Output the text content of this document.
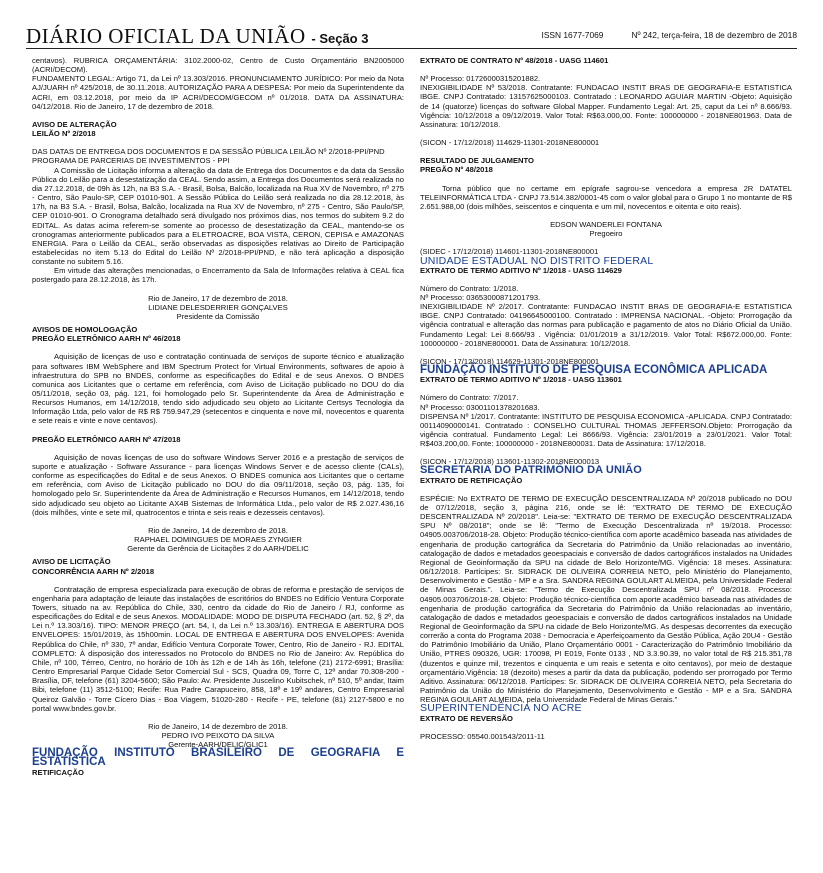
DIÁRIO OFICIAL DA UNIÃO - Seção 3	ISSN 1677-7069	Nº 242, terça-feira, 18 de dezembro de 2018

centavos). RUBRICA ORÇAMENTÁRIA: 3102.2000-02, Centro de Custo Orçamentário BN2005000 (ACRI/DECOM).

FUNDAMENTO LEGAL: Artigo 71, da Lei nº 13.303/2016. PRONUNCIAMENTO JURÍDICO: Por meio da Nota AJ/JUARH nº 425/2018, de 30.11.2018. AUTORIZAÇÃO PARA A DESPESA: Por meio da Superintendente da ACRI, em 03.12.2018, por meio da IP ACRI/DECOM/GECOM nº 01/2018. DATA DA ASSINATURA: 04/12/2018. Rio de Janeiro, 17 de dezembro de 2018.

AVISO DE ALTERAÇÃO

LEILÃO Nº 2/2018

DAS DATAS DE ENTREGA DOS DOCUMENTOS E DA SESSÃO PÚBLICA LEILÃO Nº 2/2018-PPI/PND

PROGRAMA DE PARCERIAS DE INVESTIMENTOS - PPI

A Comissão de Licitação informa a alteração da data de Entrega dos Documentos e da data da Sessão Pública do Leilão para a desestatização da CEAL. Sendo assim, a Entrega dos Documentos será realizada no dia 27.12.2018, de 09h às 12h, na B3 S.A. - Brasil, Bolsa, Balcão, localizada na Rua XV de Novembro, nº 275 - Centro, São Paulo-SP, CEP 01010-901. A Sessão Pública do Leilão será realizada no dia 28.12.2018, às 17h, na B3 S.A. - Brasil, Bolsa, Balcão, localizada na Rua XV de Novembro, nº 275 - Centro, São Paulo/SP, CEP 01010-901. O Cronograma detalhado será divulgado nos próximos dias, nos termos do subitem 9.2 do EDITAL. As datas acima referem-se somente ao processo de desestatização da CEAL, mantendo-se os cronogramas anteriormente publicados para a ELETROACRE, BOA VISTA, CERON, CEPISA e AMAZONAS ENERGIA. Para o Leilão da CEAL, serão observadas as disposições relativas ao Direito de Participação estabelecidas no item 5.13 do Edital do Leilão Nº 2/2018-PPI/PND, e não terá aplicação a disposição constante no subitem 5.16.

Em virtude das alterações mencionadas, o Encerramento da Sala de Informações relativa à CEAL fica postergado para 28.12.2018, às 17h.

Rio de Janeiro, 17 de dezembro de 2018.

LIDIANE DELESDERRIER GONÇALVES

Presidente da Comissão

AVISOS DE HOMOLOGAÇÃO

PREGÃO ELETRÔNICO AARH Nº 46/2018

Aquisição de licenças de uso e contratação continuada de serviços de suporte técnico e atualização para softwares IBM WebSphere and IBM Spectrum Protect for Virtual Environments, softwares de apoio à infraestrutura do SPB no BNDES, conforme as especificações do Edital e de seus Anexos. O BNDES comunica aos Licitantes que o certame em referência, com Aviso de Licitação publicado no DOU do dia 05/11/2018, seção 03, pág. 121, foi homologado pelo Sr. Superintendente da Área de Administração e Recursos Humanos, em 14/12/2018, tendo sido adjudicado seu objeto ao Licitante Certsys Tecnologia da Informação Ltda, pelo valor de R$ R$ 759.947,29 (setecentos e cinquenta e nove mil, novecentos e quarenta e sete reais e vinte e nove centavos).

PREGÃO ELETRÔNICO AARH Nº 47/2018

Aquisição de novas licenças de uso do software Windows Server 2016 e a prestação de serviços de suporte e atualização - Software Assurance - para licenças Windows Server e de acesso cliente (CALs), conforme as especificações do Edital e de seus Anexos. O BNDES comunica aos Licitantes que o certame em referência, com Aviso de Licitação publicado no DOU do dia 09/11/2018, seção 03, pág. 135, foi homologado pelo Sr. Superintendente da Área de Administração e Recursos Humanos, em 14/12/2018, tendo sido adjudicado seu objeto ao Licitante AX4B Sistemas de Informática Ltda., pelo valor de R$ 2.027.436,16 (dois milhões, vinte e sete mil, quatrocentos e trinta e seis reais e dezesseis centavos).

Rio de Janeiro, 14 de dezembro de 2018.

RAPHAEL DOMINGUES DE MORAES ZYNGIER

Gerente da Gerência de Licitações 2 do AARH/DELIC

AVISO DE LICITAÇÃO

CONCORRÊNCIA AARH Nº 2/2018

Contratação de empresa especializada para execução de obras de reforma e prestação de serviços de engenharia para adaptação de leiaute das instalações de escritórios do BNDES no Edifício Ventura Corporate Towers, situado na av. República do Chile, 330, centro da cidade do Rio de Janeiro / RJ, conforme as especificações do Edital e de seus Anexos. MODALIDADE: MODO DE DISPUTA FECHADO (art. 52, § 2º, da Lei n.º 13.303/16). TIPO: MENOR PREÇO (art. 54, I, da Lei n.º 13.303/16). ENTREGA E ABERTURA DOS ENVELOPES: 15/01/2019, às 15h00min. LOCAL DE ENTREGA E ABERTURA DOS ENVELOPES: Avenida República do Chile, nº 330, 7º andar, Edifício Ventura Corporate Tower, Centro, Rio de Janeiro - RJ. EDITAL COMPLETO: À disposição dos interessados no Protocolo do BNDES no Rio de Janeiro: Av. República do Chile, nº 100, Térreo, Centro, no horário de 10h às 12h e de 14h às 16h, telefone (21) 2172-6991; Brasília: Centro Empresarial Parque Cidade Setor Comercial Sul - SCS, Quadra 09, Torre C, 12º andar 70.308-200 - Brasília, DF, telefone (61) 3204-5600; São Paulo: Av. Presidente Juscelino Kubitschek, nº 510, 5º andar, Itaim Bibi, telefone (11) 3512-5100; Recife: Rua Padre Carapuceiro, 858, 18º e 19º andares, Centro Empresarial Queiroz Galvão - Torre Cícero Dias - Boa Viagem, 51020-280 - Recife - PE, telefone (81) 2127-5800 e no portal www.bndes.gov.br.

Rio de Janeiro, 14 de dezembro de 2018.

PEDRO IVO PEIXOTO DA SILVA

Gerente-AARH/DELIC/GLIC1

FUNDAÇÃO INSTITUTO BRASILEIRO DE GEOGRAFIA E ESTATÍSTICA

RETIFICAÇÃO

EXTRATO DE CONTRATO Nº 48/2018 - UASG 114601

Nº Processo: 01726000315201882.

INEXIGIBILIDADE Nº 53/2018. Contratante: FUNDACAO INSTIT BRAS DE GEOGRAFIA-E ESTATISTICA IBGE. CNPJ Contratado: 13157625000103. Contratado : LEONARDO AGUIAR MARTIN -Objeto: Aquisição de 14 (quatorze) licenças do software Global Mapper. Fundamento Legal: Art. 25, caput da Lei nº 8.666/93. Vigência: 10/12/2018 a 09/12/2019. Valor Total: R$63.000,00. Fonte: 100000000 - 2018NE801963. Data de Assinatura: 10/12/2018.

(SICON - 17/12/2018) 114629-11301-2018NE800001

RESULTADO DE JULGAMENTO

PREGÃO Nº 48/2018

Torna público que no certame em epígrafe sagrou-se vencedora a empresa 2R DATATEL TELEINFORMÁTICA LTDA - CNPJ 73.514.382/0001-45 com o valor global para o Grupo 1 no montante de R$ 2.651.988,00 (dois milhões, seiscentos e cinquenta e um mil, novecentos e oitenta e oito reais).

EDSON WANDERLEI FONTANA

Pregoeiro

(SIDEC - 17/12/2018) 114601-11301-2018NE800001

UNIDADE ESTADUAL NO DISTRITO FEDERAL

EXTRATO DE TERMO ADITIVO Nº 1/2018 - UASG 114629

Número do Contrato: 1/2018.

Nº Processo: 03653000871201793.

INEXIGIBILIDADE Nº 2/2017. Contratante: FUNDACAO INSTIT BRAS DE GEOGRAFIA-E ESTATISTICA IBGE. CNPJ Contratado: 04196645000100. Contratado : IMPRENSA NACIONAL. -Objeto: Prorrogação da vigência contratual e alteração das normas para publicação e pagamento de atos no Diário Oficial da União. Fundamento Legal: Lei 8.666/93 . Vigência: 01/01/2019 a 31/12/2019. Valor Total: R$672.000,00. Fonte: 100000000 - 2018NE800001. Data de Assinatura: 10/12/2018.

(SICON - 17/12/2018) 114629-11301-2018NE800001

FUNDAÇÃO INSTITUTO DE PESQUISA ECONÔMICA APLICADA

EXTRATO DE TERMO ADITIVO Nº 1/2018 - UASG 113601

Número do Contrato: 7/2017.

Nº Processo: 03001101378201683.

DISPENSA Nº 1/2017. Contratante: INSTITUTO DE PESQUISA ECONOMICA -APLICADA. CNPJ Contratado: 00114090000141. Contratado : CONSELHO CULTURAL THOMAS JEFFERSON.Objeto: Prorrogação da vigência contratual. Fundamento Legal: Lei 8666/93. Vigência: 23/01/2019 a 23/01/2021. Valor Total: R$403.200,00. Fonte: 100000000 - 2018NE800031. Data de Assinatura: 17/12/2018.

(SICON - 17/12/2018) 113601-11302-2018NE000013

SECRETARIA DO PATRIMÔNIO DA UNIÃO

EXTRATO DE RETIFICAÇÃO

ESPÉCIE: No EXTRATO DE TERMO DE EXECUÇÃO DESCENTRALIZADA Nº 20/2018 publicado no DOU de 07/12/2018, seção 3, página 216, onde se lê: "EXTRATO DE TERMO DE EXECUÇÃO DESCENTRALIZADA Nº 20/2018". Leia-se: "EXTRATO DE TERMO DE EXECUÇÃO DESCENTRALIZADA SPU Nº 08/2018"; onde se lê: "Termo de Execução Descentralizada nº 19/2018. Processo: 04905.003706/2018-28. Objeto: Produção técnico-científica com aporte acadêmico baseada nas atividades de engenharia de produção cartográfica da Secretaria do Patrimônio da União relacionadas ao inventário, catalogação de dados e metadados geoespaciais e conversão de dados cartográficos instalados na Unidades Regional de Geoinformação da SPU na cidade de Belo Horizonte/MG. Vigência: 18 meses. Assinatura: 06/12/2018. Partícipes: Sr. SIDRACK DE OLIVEIRA CORREIA NETO, pelo Ministério do Planejamento, Desenvolvimento e Gestão - MP e a Sra. SANDRA REGINA GOULART ALMEIDA, pela Universidade Federal de Minas Gerais.". Leia-se: "Termo de Execução Descentralizada SPU nº 08/2018. Processo: 04905.003706/2018-28. Objeto: Produção técnico-científica com aporte acadêmico baseada nas atividades de engenharia de produção cartográfica da Secretaria do Patrimônio da União relacionadas ao inventário, catalogação de dados e metadados geoespaciais e conversão de dados cartográficos instalados na Unidade Regional de Geoinformação da SPU na cidade de Belo Horizonte/MG. As despesas decorrentes da execução correrão a conta do Programa 2038 - Democracia e Aperfeiçoamento da Gestão Pública, Ação 20U4 - Gestão do Patrimônio Imobiliário da União, Plano Orçamentário 0001 - Caracterização do Patrimônio Imobiliário da União, PTRES 090326, UGR: 170098, PI E019, Fonte 0133 , ND 3.3.90.39, no valor total de R$ 215.351,78 (duzentos e quinze mil, trezentos e cinquenta e um reais e setenta e oito centavos), por meio de destaque orçamentário.Vigência: 18 (dezoito) meses a partir da data da publicação, podendo ser prorrogado por Termo Aditivo. Assinatura: 06/12/2018. Partícipes: Sr. SIDRACK DE OLIVEIRA CORREIA NETO, pela Secretaria do Patrimônio da União do Ministério do Planejamento, Desenvolvimento e Gestão - MP e a Sra. SANDRA REGINA GOULART ALMEIDA, pela Universidade Federal de Minas Gerais."

SUPERINTENDÊNCIA NO ACRE

EXTRATO DE REVERSÃO

PROCESSO: 05540.001543/2011-11
